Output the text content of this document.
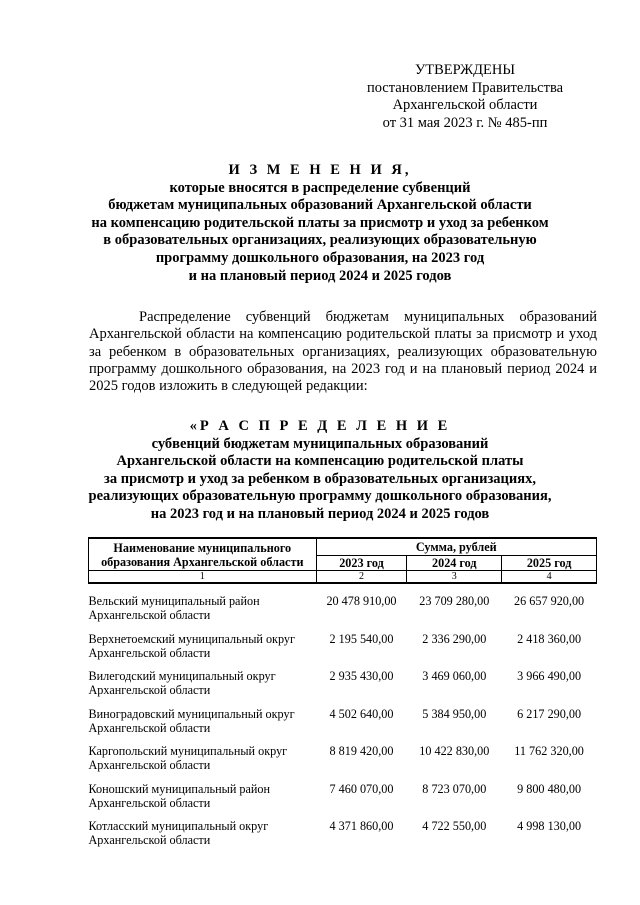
УТВЕРЖДЕНЫ
постановлением Правительства
Архангельской области
от 31 мая 2023 г. № 485-пп
И З М Е Н Е Н И Я,
которые вносятся в распределение субвенций
бюджетам муниципальных образований Архангельской области
на компенсацию родительской платы за присмотр и уход за ребенком
в образовательных организациях, реализующих образовательную
программу дошкольного образования, на 2023 год
и на плановый период 2024 и 2025 годов

Распределение субвенций бюджетам муниципальных образований Архангельской области на компенсацию родительской платы за присмотр и уход за ребенком в образовательных организациях, реализующих образовательную программу дошкольного образования, на 2023 год и на плановый период 2024 и 2025 годов изложить в следующей редакции:

«Р А С П Р Е Д Е Л Е Н И Е
субвенций бюджетам муниципальных образований
Архангельской области на компенсацию родительской платы
за присмотр и уход за ребенком в образовательных организациях,
реализующих образовательную программу дошкольного образования,
на 2023 год и на плановый период 2024 и 2025 годов
Наименование муниципального
образования Архангельской области	Сумма, рублей		
	2023 год	2024 год	2025 год
1	2	3	4

Вельский муниципальный район
Архангельской области	20 478 910,00	23 709 280,00	26 657 920,00

Верхнетоемский муниципальный округ
Архангельской области	2 195 540,00	2 336 290,00	2 418 360,00

Вилегодский муниципальный округ
Архангельской области	2 935 430,00	3 469 060,00	3 966 490,00

Виноградовский муниципальный округ
Архангельской области	4 502 640,00	5 384 950,00	6 217 290,00

Каргопольский муниципальный округ
Архангельской области	8 819 420,00	10 422 830,00	11 762 320,00

Коношский муниципальный район
Архангельской области	7 460 070,00	8 723 070,00	9 800 480,00

Котласский муниципальный округ
Архангельской области	4 371 860,00	4 722 550,00	4 998 130,00
